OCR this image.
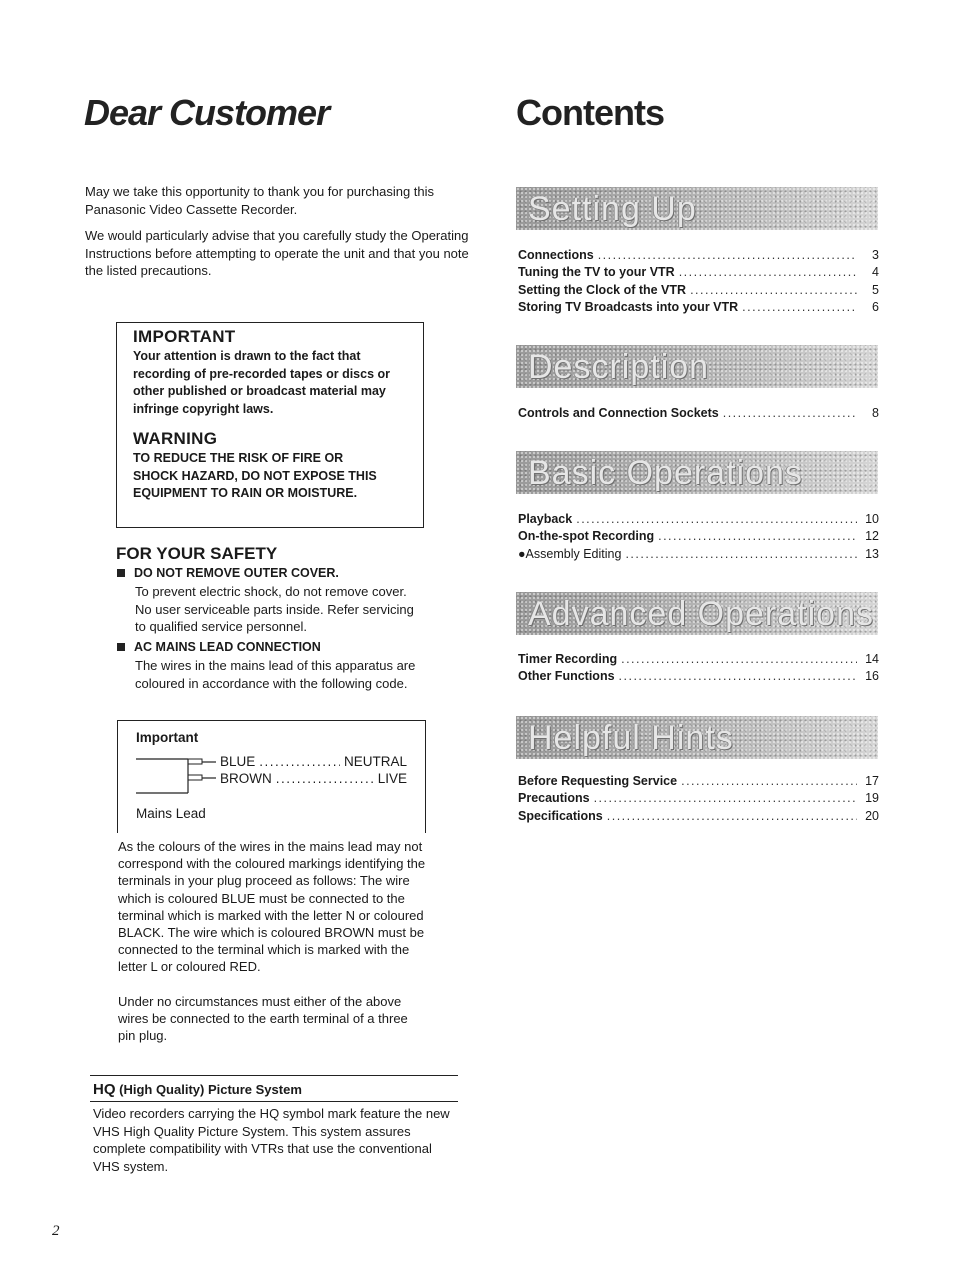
Dear Customer
May we take this opportunity to thank you for purchasing this Panasonic Video Cassette Recorder.
We would particularly advise that you carefully study the Operating Instructions before attempting to operate the unit and that you note the listed precautions.
IMPORTANT
Your attention is drawn to the fact that recording of pre-recorded tapes or discs or other published or broadcast material may infringe copyright laws.
WARNING
TO REDUCE THE RISK OF FIRE OR SHOCK HAZARD, DO NOT EXPOSE THIS EQUIPMENT TO RAIN OR MOISTURE.
FOR YOUR SAFETY
DO NOT REMOVE OUTER COVER.
To prevent electric shock, do not remove cover. No user serviceable parts inside. Refer servicing to qualified service personnel.
AC MAINS LEAD CONNECTION
The wires in the mains lead of this apparatus are coloured in accordance with the following code.
Important
BLUE .....	NEUTRAL
BROWN .....	LIVE
Mains Lead
As the colours of the wires in the mains lead may not correspond with the coloured markings identifying the terminals in your plug proceed as follows: The wire which is coloured BLUE must be connected to the terminal which is marked with the letter N or coloured BLACK. The wire which is coloured BROWN must be connected to the terminal which is marked with the letter L or coloured RED.
Under no circumstances must either of the above wires be connected to the earth terminal of a three pin plug.
HQ (High Quality) Picture System
Video recorders carrying the HQ symbol mark feature the new VHS High Quality Picture System. This system assures complete compatibility with VTRs that use the conventional VHS system.
2
Contents
Setting Up
Connections .....	3
Tuning the TV to your VTR .....	4
Setting the Clock of the VTR .....	5
Storing TV Broadcasts into your VTR .....	6
Description
Controls and Connection Sockets .....	8
Basic Operations
Playback .....	10
On-the-spot Recording .....	12
●Assembly Editing .....	13
Advanced Operations
Timer Recording .....	14
Other Functions .....	16
Helpful Hints
Before Requesting Service .....	17
Precautions .....	19
Specifications .....	20
